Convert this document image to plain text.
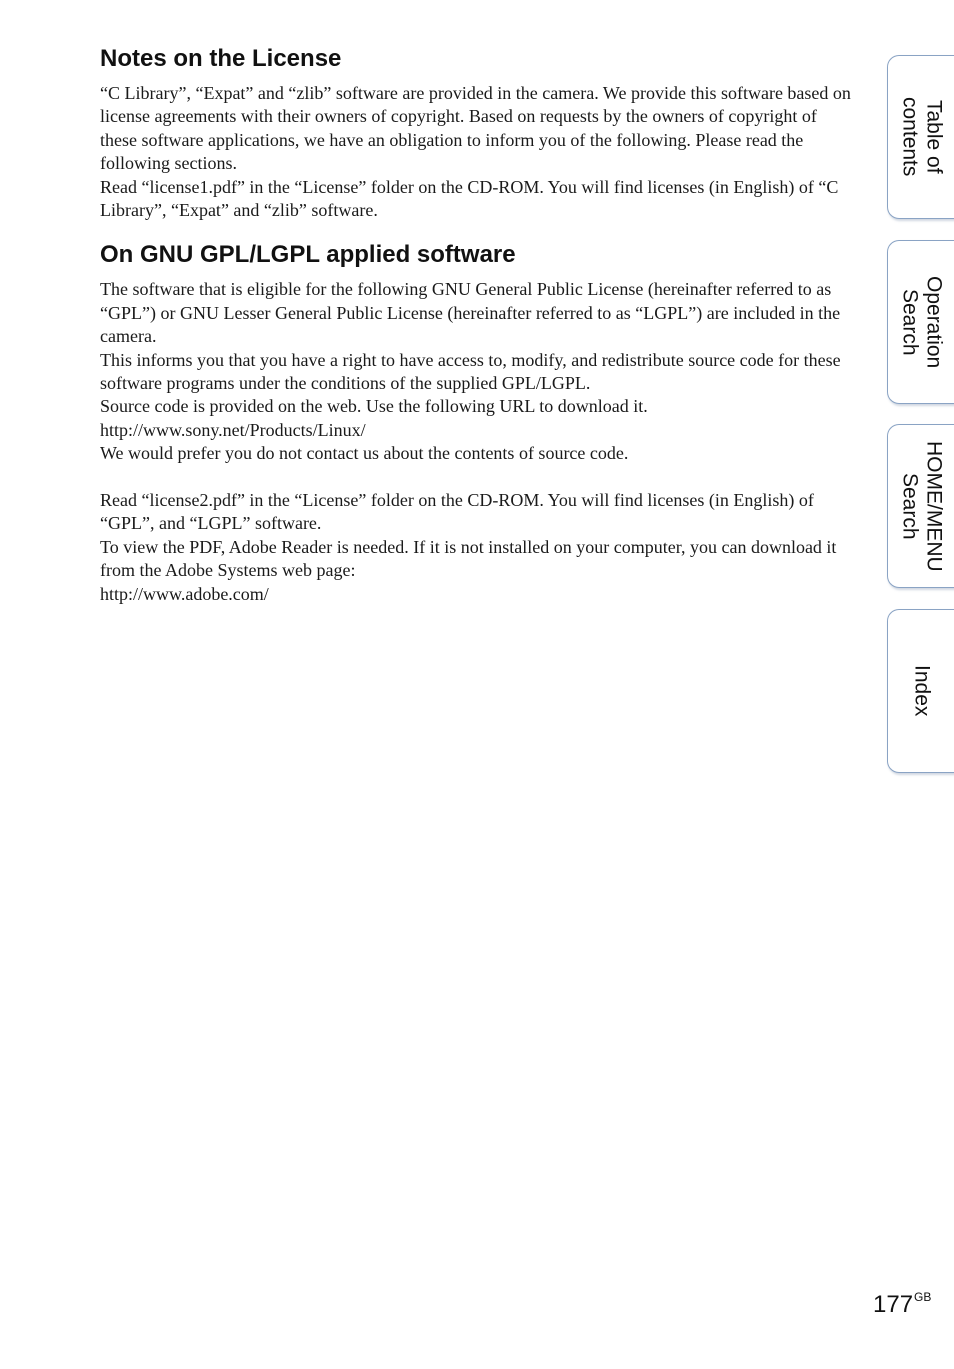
Notes on the License

“C Library”, “Expat” and “zlib” software are provided in the camera. We provide this software based on license agreements with their owners of copyright. Based on requests by the owners of copyright of these software applications, we have an obligation to inform you of the following. Please read the following sections.

Read “license1.pdf” in the “License” folder on the CD-ROM. You will find licenses (in English) of “C Library”, “Expat” and “zlib” software.

On GNU GPL/LGPL applied software

The software that is eligible for the following GNU General Public License (hereinafter referred to as “GPL”) or GNU Lesser General Public License (hereinafter referred to as “LGPL”) are included in the camera.

This informs you that you have a right to have access to, modify, and redistribute source code for these software programs under the conditions of the supplied GPL/LGPL.

Source code is provided on the web. Use the following URL to download it.

http://www.sony.net/Products/Linux/

We would prefer you do not contact us about the contents of source code.

Read “license2.pdf” in the “License” folder on the CD-ROM. You will find licenses (in English) of “GPL”, and “LGPL” software.

To view the PDF, Adobe Reader is needed. If it is not installed on your computer, you can download it from the Adobe Systems web page:

http://www.adobe.com/

Table of
contents
Operation
Search
HOME/MENU
Search
Index
$177^{GB}$
